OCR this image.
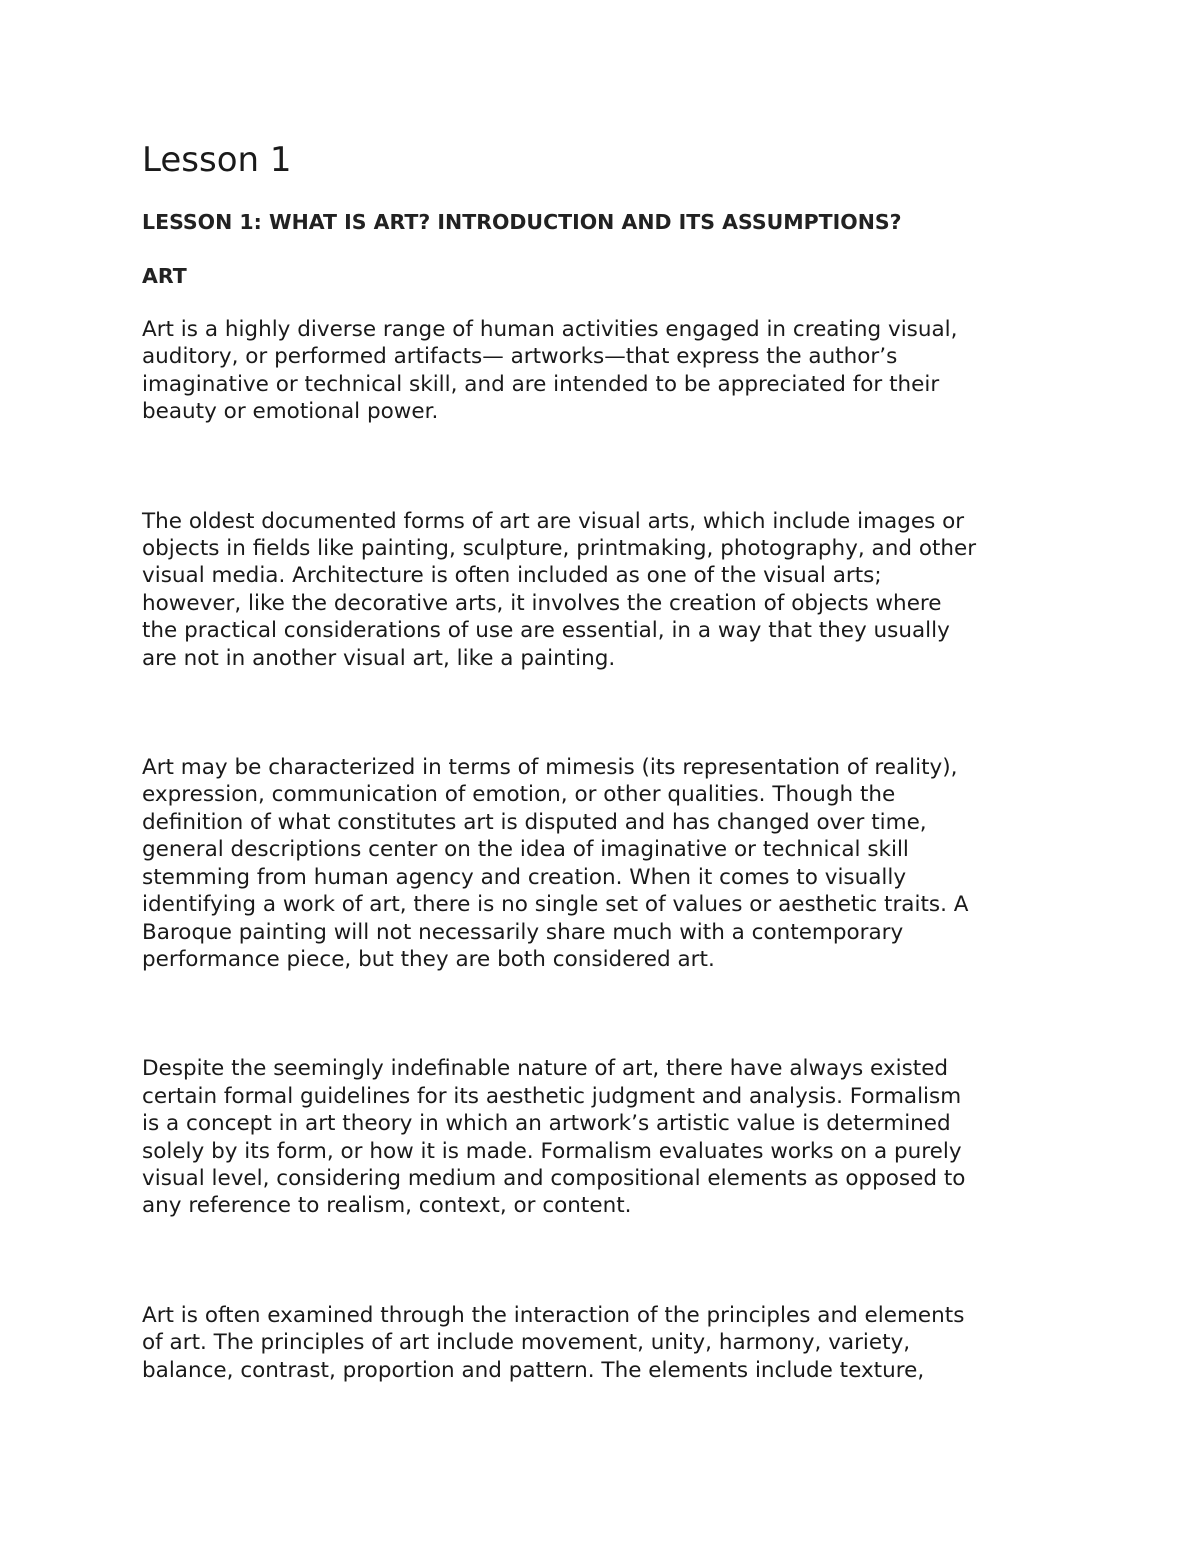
Lesson 1
LESSON 1: WHAT IS ART? INTRODUCTION AND ITS ASSUMPTIONS?
ART

Art is a highly diverse range of human activities engaged in creating visual,
auditory, or performed artifacts— artworks—that express the author’s
imaginative or technical skill, and are intended to be appreciated for their
beauty or emotional power.

The oldest documented forms of art are visual arts, which include images or
objects in fields like painting, sculpture, printmaking, photography, and other
visual media. Architecture is often included as one of the visual arts;
however, like the decorative arts, it involves the creation of objects where
the practical considerations of use are essential, in a way that they usually
are not in another visual art, like a painting.

Art may be characterized in terms of mimesis (its representation of reality),
expression, communication of emotion, or other qualities. Though the
definition of what constitutes art is disputed and has changed over time,
general descriptions center on the idea of imaginative or technical skill
stemming from human agency and creation. When it comes to visually
identifying a work of art, there is no single set of values or aesthetic traits. A
Baroque painting will not necessarily share much with a contemporary
performance piece, but they are both considered art.

Despite the seemingly indefinable nature of art, there have always existed
certain formal guidelines for its aesthetic judgment and analysis. Formalism
is a concept in art theory in which an artwork’s artistic value is determined
solely by its form, or how it is made. Formalism evaluates works on a purely
visual level, considering medium and compositional elements as opposed to
any reference to realism, context, or content.

Art is often examined through the interaction of the principles and elements
of art. The principles of art include movement, unity, harmony, variety,
balance, contrast, proportion and pattern. The elements include texture,
